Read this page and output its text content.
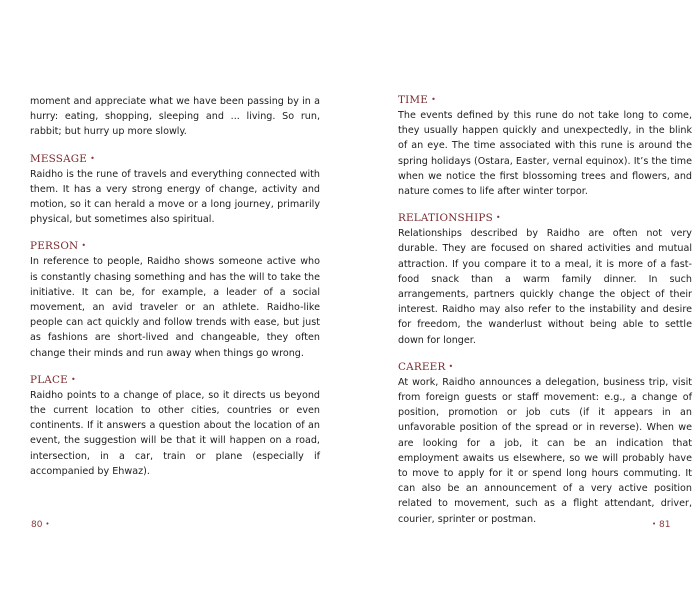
moment and appreciate what we have been passing by in a hurry: eating, shopping, sleeping and ... living. So run, rabbit; but hurry up more slowly.

MESSAGE •

Raidho is the rune of travels and everything connected with them. It has a very strong energy of change, activity and motion, so it can herald a move or a long journey, primarily physical, but sometimes also spiritual.

PERSON •

In reference to people, Raidho shows someone active who is constantly chasing something and has the will to take the initiative. It can be, for example, a leader of a social movement, an avid traveler or an athlete. Raidho-like people can act quickly and follow trends with ease, but just as fashions are short-lived and changeable, they often change their minds and run away when things go wrong.

PLACE •

Raidho points to a change of place, so it directs us beyond the current location to other cities, countries or even continents. If it answers a question about the location of an event, the suggestion will be that it will happen on a road, intersection, in a car, train or plane (especially if accompanied by Ehwaz).

80 •
TIME •

The events defined by this rune do not take long to come, they usually happen quickly and unexpectedly, in the blink of an eye. The time associated with this rune is around the spring holidays (Ostara, Easter, vernal equinox). It’s the time when we notice the first blossoming trees and flowers, and nature comes to life after winter torpor.

RELATIONSHIPS •

Relationships described by Raidho are often not very durable. They are focused on shared activities and mutual attraction. If you compare it to a meal, it is more of a fast-food snack than a warm family dinner. In such arrangements, partners quickly change the object of their interest. Raidho may also refer to the instability and desire for freedom, the wanderlust without being able to settle down for longer.

CAREER •

At work, Raidho announces a delegation, business trip, visit from foreign guests or staff movement: e.g., a change of position, promotion or job cuts (if it appears in an unfavorable position of the spread or in reverse). When we are looking for a job, it can be an indication that employment awaits us elsewhere, so we will probably have to move to apply for it or spend long hours commuting. It can also be an announcement of a very active position related to movement, such as a flight attendant, driver, courier, sprinter or postman.	• 81
